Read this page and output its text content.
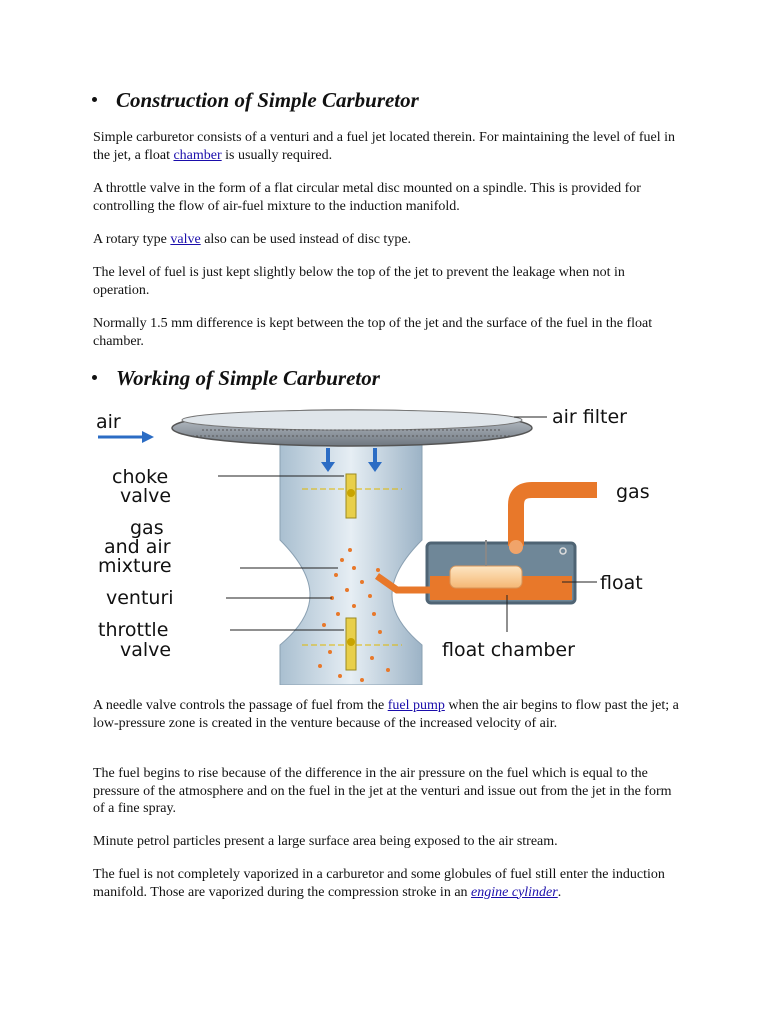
Construction of Simple Carburetor

Simple carburetor consists of a venturi and a fuel jet located therein. For maintaining the level of fuel in the jet, a float chamber is usually required.

A throttle valve in the form of a flat circular metal disc mounted on a spindle. This is provided for controlling the flow of air-fuel mixture to the induction manifold.

A rotary type valve also can be used instead of disc type.

The level of fuel is just kept slightly below the top of the jet to prevent the leakage when not in operation.

Normally 1.5 mm difference is kept between the top of the jet and the surface of the fuel in the float chamber.

Working of Simple Carburetor
air	air filter
choke
valve
gas
and air
mixture
venturi
throttle
valve
gas
float
float chamber

A needle valve controls the passage of fuel from the fuel pump when the air begins to flow past the jet; a low-pressure zone is created in the venture because of the increased velocity of air.

The fuel begins to rise because of the difference in the air pressure on the fuel which is equal to the pressure of the atmosphere and on the fuel in the jet at the venturi and issue out from the jet in the form of a fine spray.

Minute petrol particles present a large surface area being exposed to the air stream.

The fuel is not completely vaporized in a carburetor and some globules of fuel still enter the induction manifold. Those are vaporized during the compression stroke in an engine cylinder.
